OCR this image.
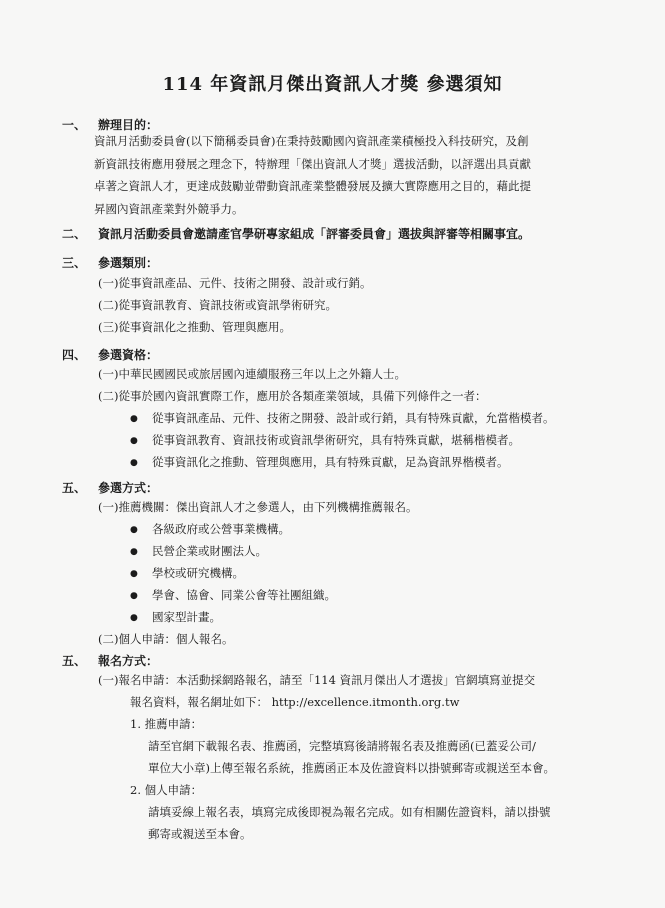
114 年資訊月傑出資訊人才獎 參選須知
一、 辦理目的：
資訊月活動委員會(以下簡稱委員會)在秉持鼓勵國內資訊產業積極投入科技研究，及創
新資訊技術應用發展之理念下，特辦理「傑出資訊人才獎」選拔活動，以評選出具貢獻
卓著之資訊人才，更達成鼓勵並帶動資訊產業整體發展及擴大實際應用之目的，藉此提
昇國內資訊產業對外競爭力。
二、 資訊月活動委員會邀請產官學研專家組成「評審委員會」選拔與評審等相關事宜。
三、 參選類別：
(一)從事資訊產品、元件、技術之開發、設計或行銷。
(二)從事資訊教育、資訊技術或資訊學術研究。
(三)從事資訊化之推動、管理與應用。
四、 參選資格：
(一)中華民國國民或旅居國內連續服務三年以上之外籍人士。
(二)從事於國內資訊實際工作，應用於各類產業領域，具備下列條件之一者：
● 從事資訊產品、元件、技術之開發、設計或行銷，具有特殊貢獻，允當楷模者。
● 從事資訊教育、資訊技術或資訊學術研究，具有特殊貢獻，堪稱楷模者。
● 從事資訊化之推動、管理與應用，具有特殊貢獻，足為資訊界楷模者。
五、 參選方式：
(一)推薦機關：傑出資訊人才之參選人，由下列機構推薦報名。
● 各級政府或公營事業機構。
● 民營企業或財團法人。
● 學校或研究機構。
● 學會、協會、同業公會等社團組織。
● 國家型計畫。
(二)個人申請：個人報名。
五、 報名方式：
(一)報名申請：本活動採網路報名，請至「114 資訊月傑出人才選拔」官網填寫並提交
報名資料，報名網址如下： http://excellence.itmonth.org.tw
1. 推薦申請：
請至官網下載報名表、推薦函，完整填寫後請將報名表及推薦函(已蓋妥公司/
單位大小章)上傳至報名系統，推薦函正本及佐證資料以掛號郵寄或親送至本會。
2. 個人申請：
請填妥線上報名表，填寫完成後即視為報名完成。如有相關佐證資料，請以掛號
郵寄或親送至本會。
